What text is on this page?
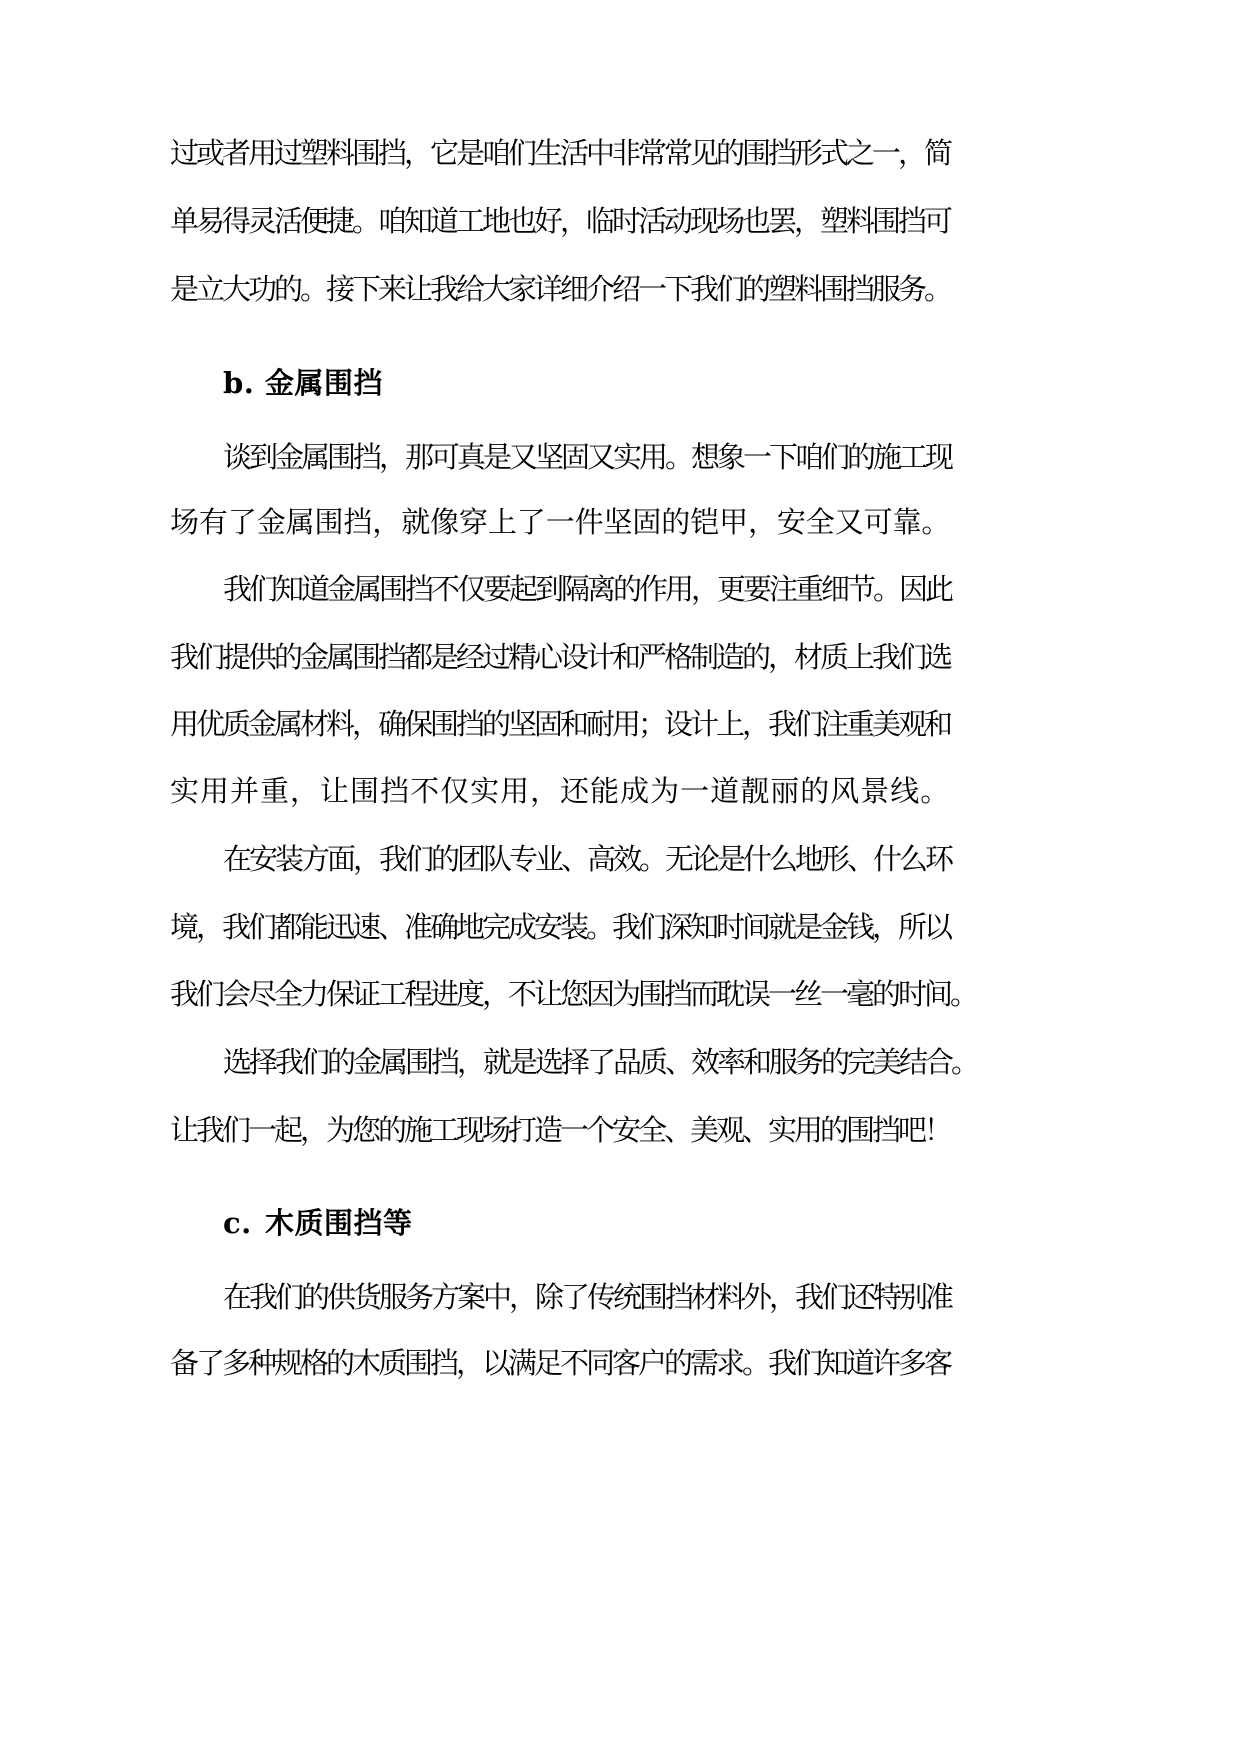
过或者用过塑料围挡，它是咱们生活中非常常见的围挡形式之一，简
单易得灵活便捷。咱知道工地也好，临时活动现场也罢，塑料围挡可
是立大功的。接下来让我给大家详细介绍一下我们的塑料围挡服务。
b. 金属围挡
谈到金属围挡，那可真是又坚固又实用。想象一下咱们的施工现
场有了金属围挡，就像穿上了一件坚固的铠甲，安全又可靠。
我们知道金属围挡不仅要起到隔离的作用，更要注重细节。因此
我们提供的金属围挡都是经过精心设计和严格制造的，材质上我们选
用优质金属材料，确保围挡的坚固和耐用；设计上，我们注重美观和
实用并重，让围挡不仅实用，还能成为一道靓丽的风景线。
在安装方面，我们的团队专业、高效。无论是什么地形、什么环
境，我们都能迅速、准确地完成安装。我们深知时间就是金钱，所以
我们会尽全力保证工程进度，不让您因为围挡而耽误一丝一毫的时间。
选择我们的金属围挡，就是选择了品质、效率和服务的完美结合。
让我们一起，为您的施工现场打造一个安全、美观、实用的围挡吧！
c. 木质围挡等
在我们的供货服务方案中，除了传统围挡材料外，我们还特别准
备了多种规格的木质围挡，以满足不同客户的需求。我们知道许多客
